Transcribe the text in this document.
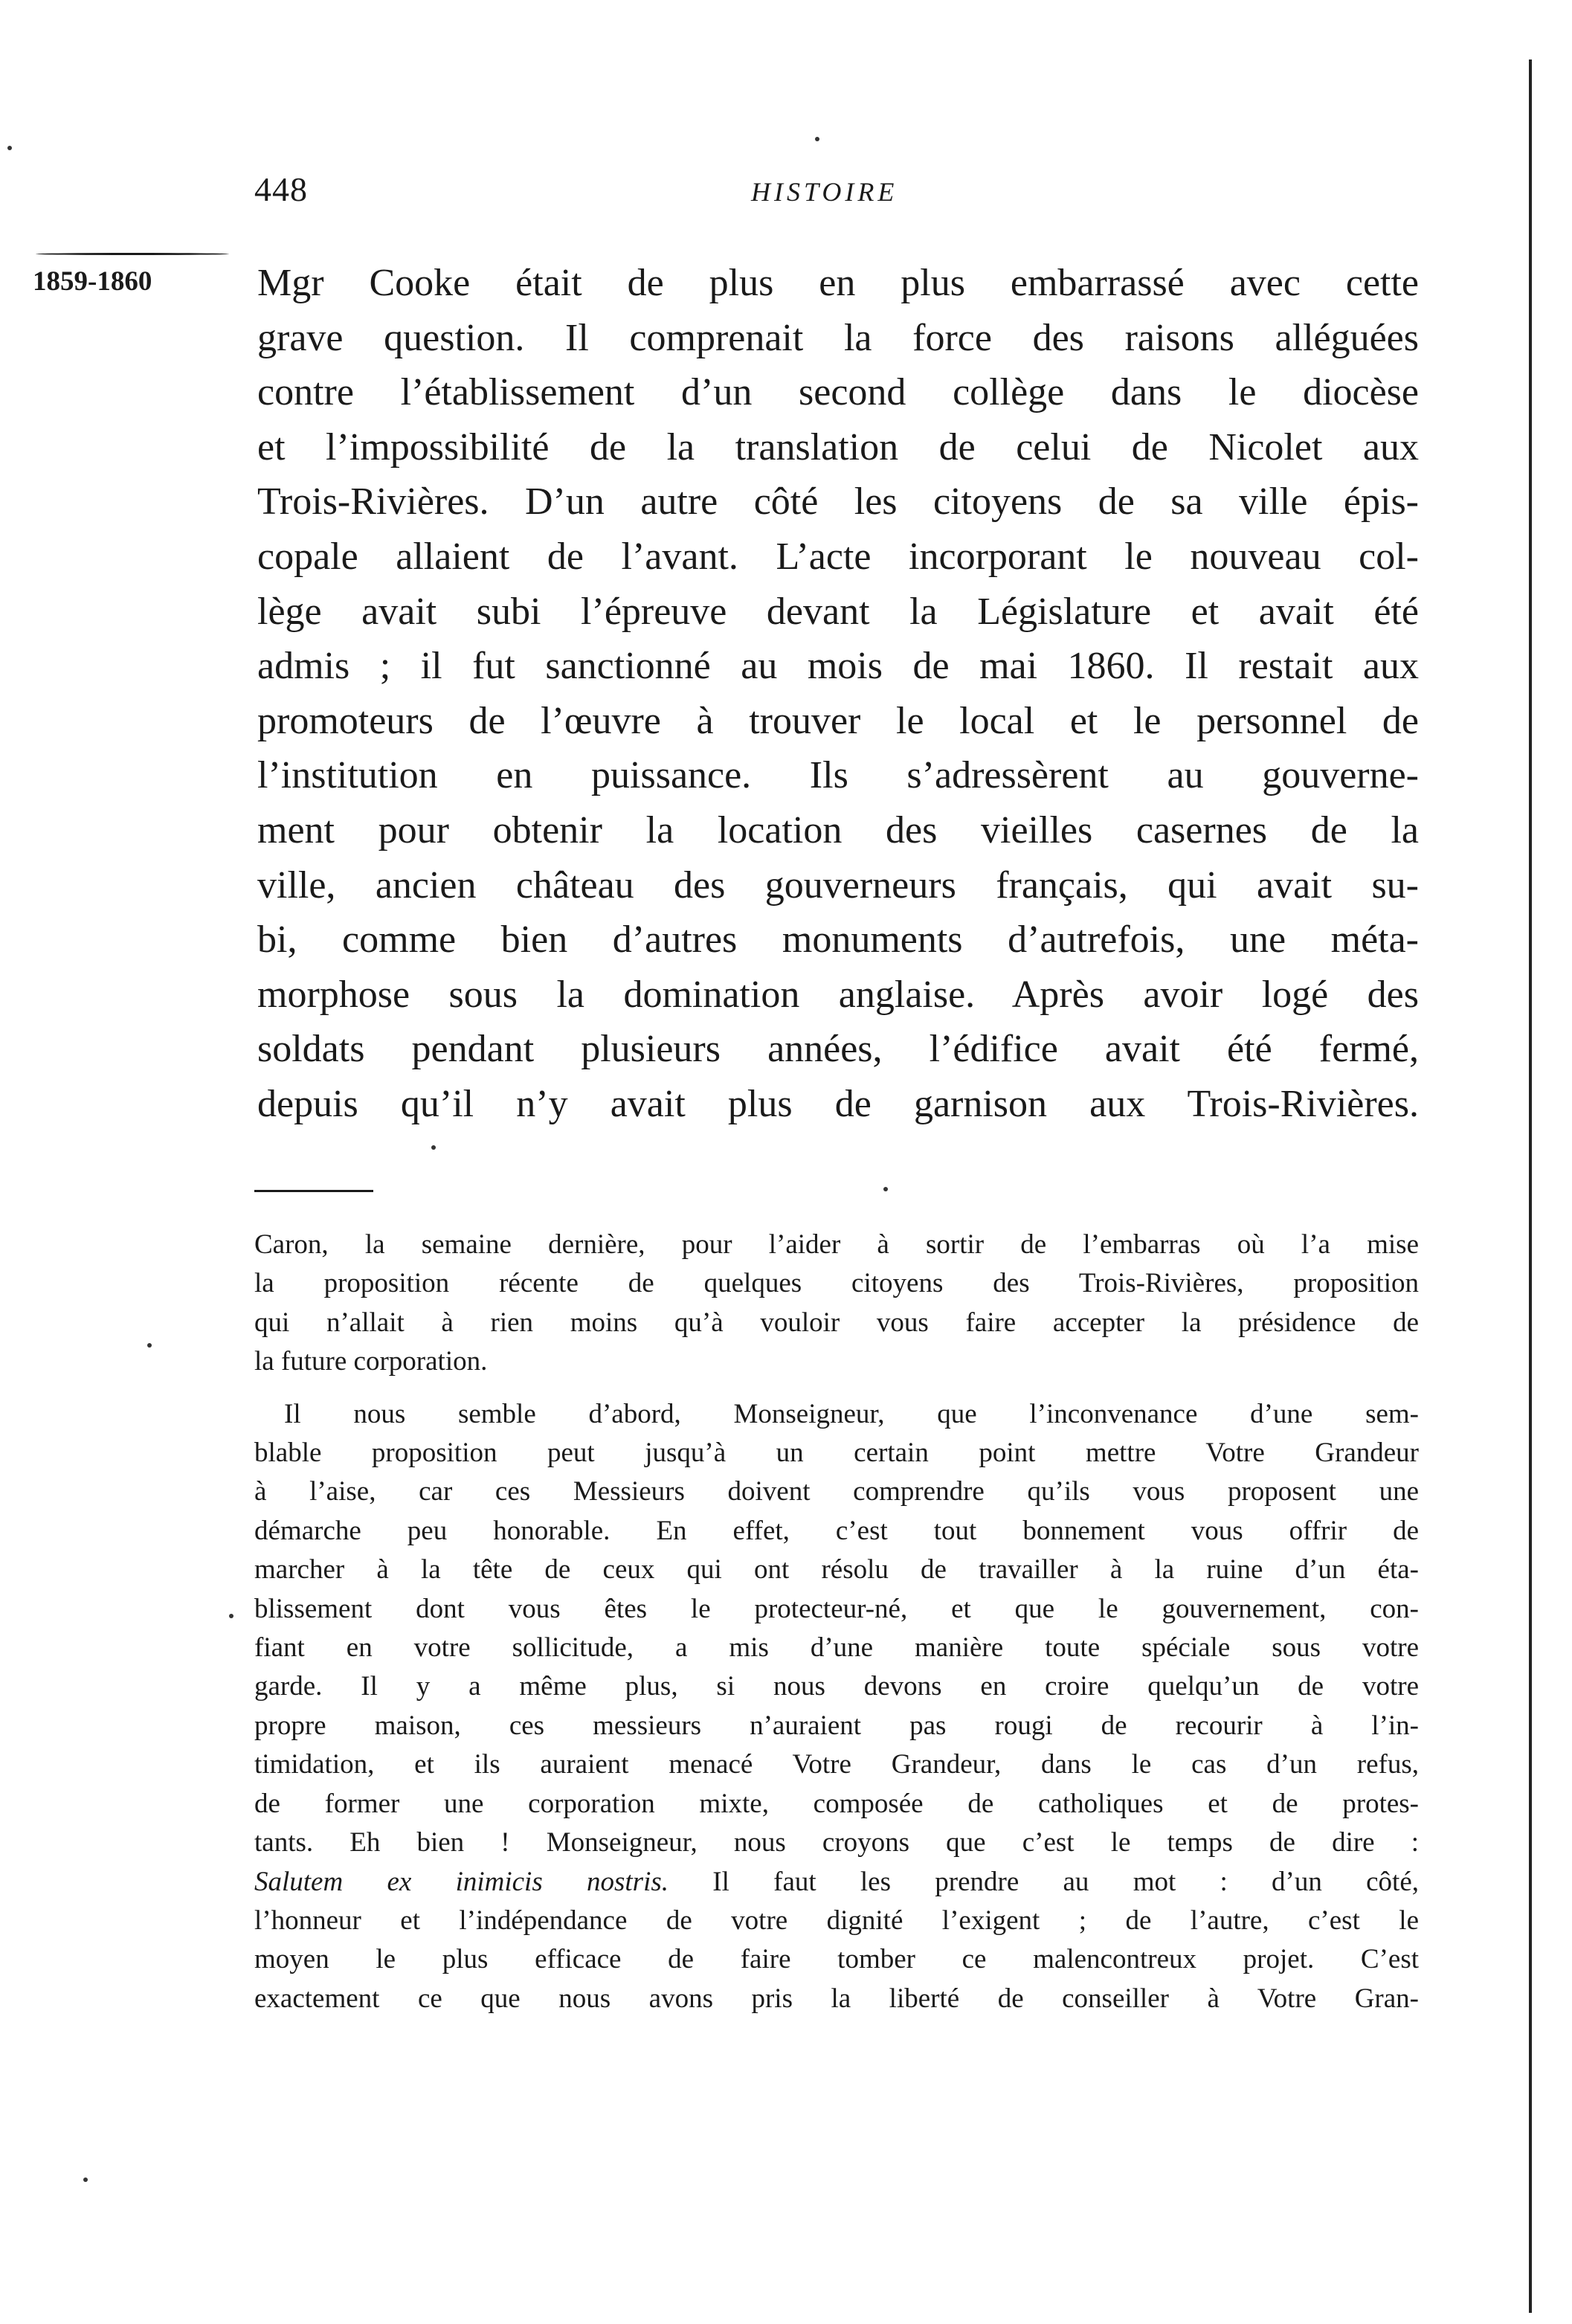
448	HISTOIRE
1859-1860	Mgr Cooke était de plus en plus embarrassé avec cette
grave question. Il comprenait la force des raisons alléguées
contre l’établissement d’un second collège dans le diocèse
et l’impossibilité de la translation de celui de Nicolet aux
Trois-Rivières. D’un autre côté les citoyens de sa ville épis-
copale allaient de l’avant. L’acte incorporant le nouveau col-
lège avait subi l’épreuve devant la Législature et avait été
admis ; il fut sanctionné au mois de mai 1860. Il restait aux
promoteurs de l’œuvre à trouver le local et le personnel de
l’institution en puissance. Ils s’adressèrent au gouverne-
ment pour obtenir la location des vieilles casernes de la
ville, ancien château des gouverneurs français, qui avait su-
bi, comme bien d’autres monuments d’autrefois, une méta-
morphose sous la domination anglaise. Après avoir logé des
soldats pendant plusieurs années, l’édifice avait été fermé,
depuis qu’il n’y avait plus de garnison aux Trois-Rivières.
Caron, la semaine dernière, pour l’aider à sortir de l’embarras où l’a mise
la proposition récente de quelques citoyens des Trois-Rivières, proposition
qui n’allait à rien moins qu’à vouloir vous faire accepter la présidence de
la future corporation.
Il nous semble d’abord, Monseigneur, que l’inconvenance d’une sem-
blable proposition peut jusqu’à un certain point mettre Votre Grandeur
à l’aise, car ces Messieurs doivent comprendre qu’ils vous proposent une
démarche peu honorable. En effet, c’est tout bonnement vous offrir de
marcher à la tête de ceux qui ont résolu de travailler à la ruine d’un éta-
blissement dont vous êtes le protecteur-né, et que le gouvernement, con-
fiant en votre sollicitude, a mis d’une manière toute spéciale sous votre
garde. Il y a même plus, si nous devons en croire quelqu’un de votre
propre maison, ces messieurs n’auraient pas rougi de recourir à l’in-
timidation, et ils auraient menacé Votre Grandeur, dans le cas d’un refus,
de former une corporation mixte, composée de catholiques et de protes-
tants. Eh bien ! Monseigneur, nous croyons que c’est le temps de dire :
Salutem ex inimicis nostris. Il faut les prendre au mot : d’un côté,
l’honneur et l’indépendance de votre dignité l’exigent ; de l’autre, c’est le
moyen le plus efficace de faire tomber ce malencontreux projet. C’est
exactement ce que nous avons pris la liberté de conseiller à Votre Gran-
